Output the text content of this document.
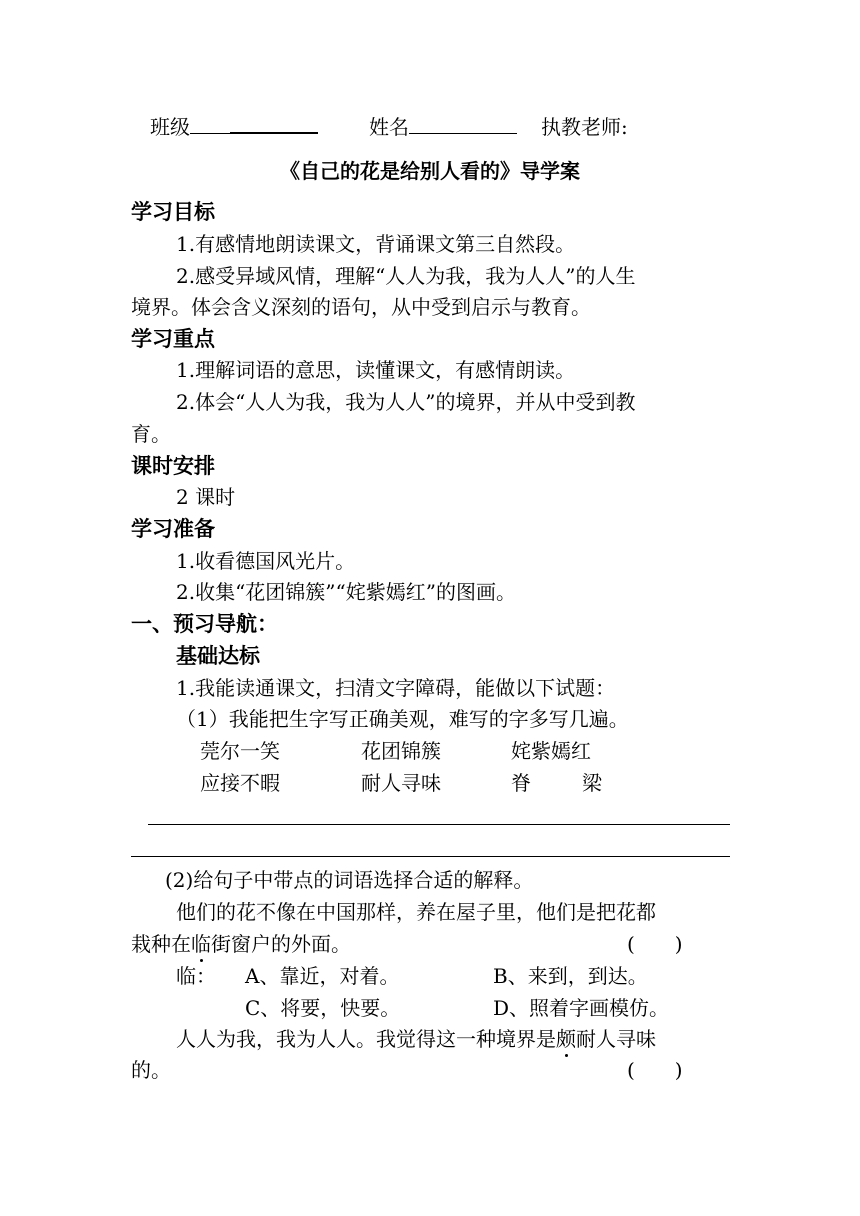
班级	姓名	执教老师:
《自己的花是给别人看的》导学案
学习目标
1.有感情地朗读课文，背诵课文第三自然段。
2.感受异域风情，理解“人人为我，我为人人”的人生
境界。体会含义深刻的语句，从中受到启示与教育。
学习重点
1.理解词语的意思，读懂课文，有感情朗读。
2.体会“人人为我，我为人人”的境界，并从中受到教
育。
课时安排
2 课时
学习准备
1.收看德国风光片。
2.收集“花团锦簇”“姹紫嫣红”的图画。
一、预习导航：
基础达标
1.我能读通课文，扫清文字障碍，能做以下试题：
（1）我能把生字写正确美观，难写的字多写几遍。
莞尔一笑	花团锦簇	姹紫嫣红
应接不暇	耐人寻味	脊	梁
(2)给句子中带点的词语选择合适的解释。
他们的花不像在中国那样，养在屋子里，他们是把花都
栽种在临街窗户的外面。	(　　)
临： A、靠近，对着。	B、来到，到达。
C、将要，快要。	D、照着字画模仿。
人人为我，我为人人。我觉得这一种境界是颇耐人寻味
的。	(　　)
